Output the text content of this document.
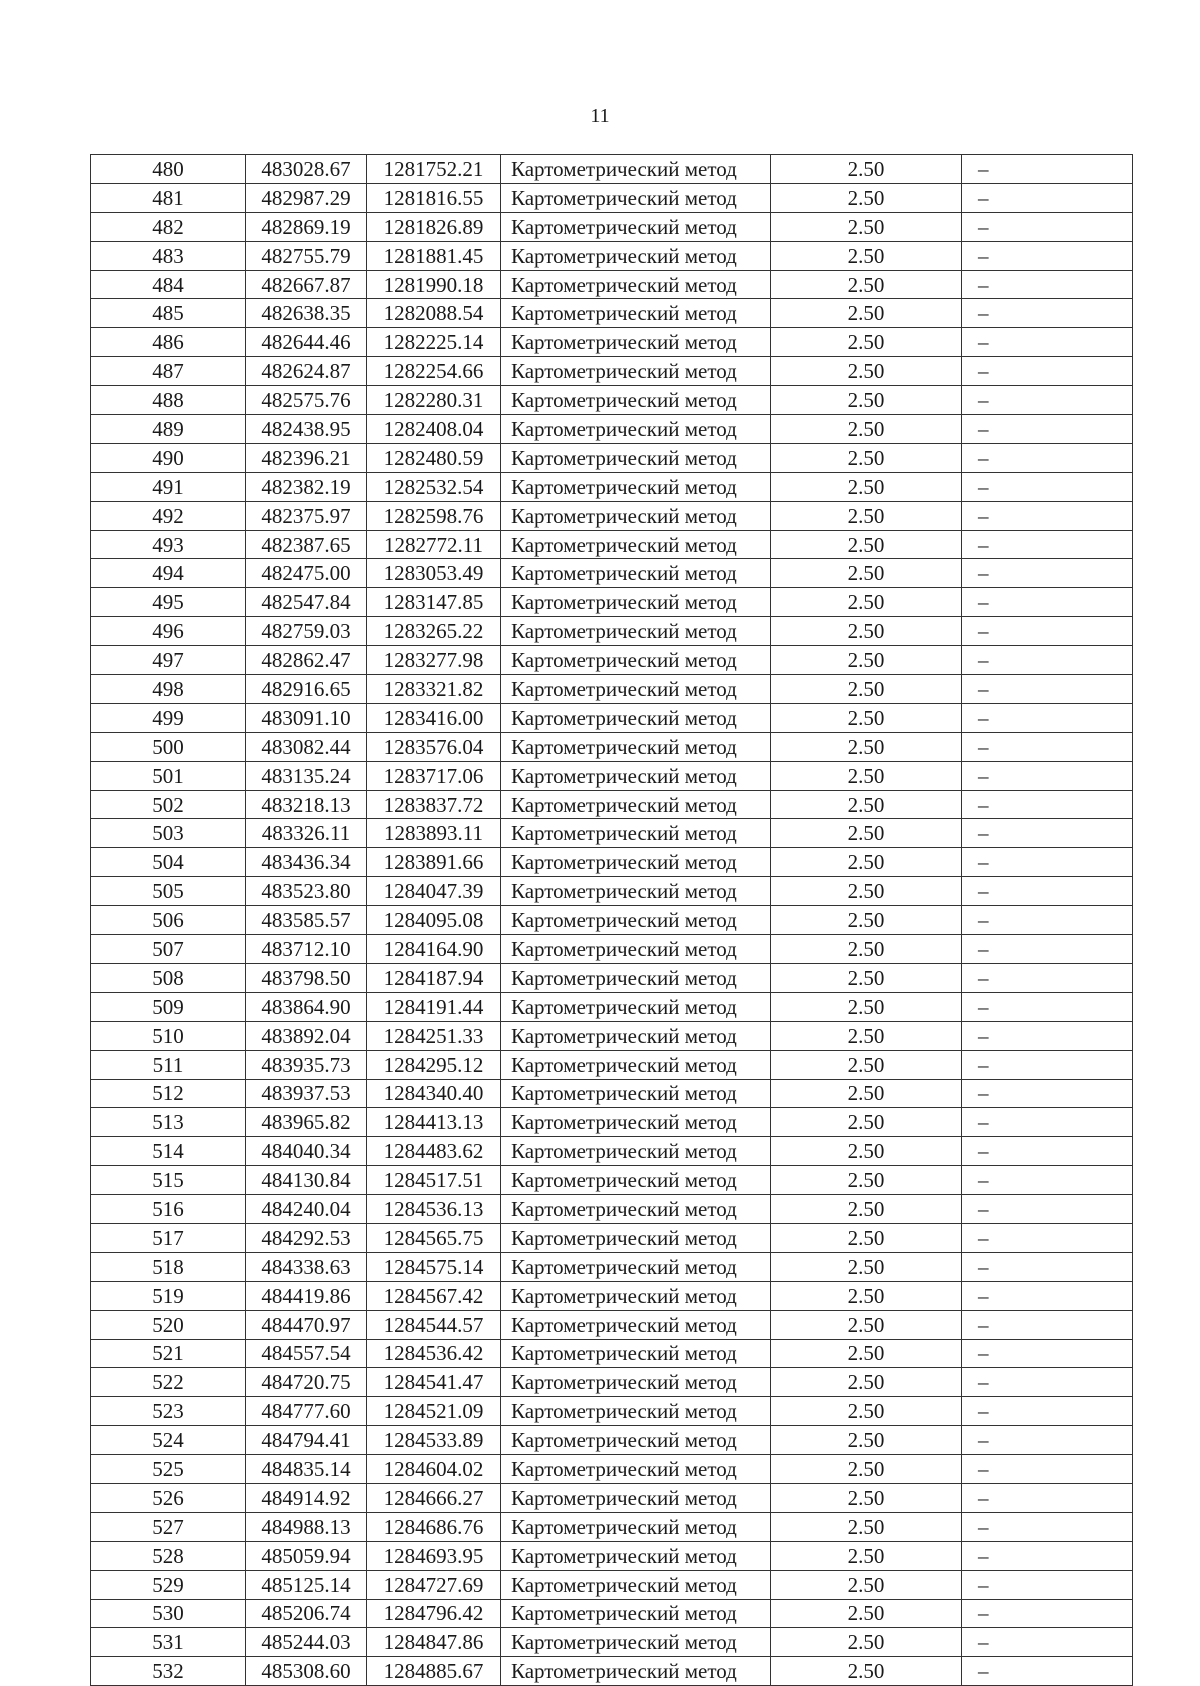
11
480	483028.67	1281752.21	Картометрический метод	2.50	–
481	482987.29	1281816.55	Картометрический метод	2.50	–
482	482869.19	1281826.89	Картометрический метод	2.50	–
483	482755.79	1281881.45	Картометрический метод	2.50	–
484	482667.87	1281990.18	Картометрический метод	2.50	–
485	482638.35	1282088.54	Картометрический метод	2.50	–
486	482644.46	1282225.14	Картометрический метод	2.50	–
487	482624.87	1282254.66	Картометрический метод	2.50	–
488	482575.76	1282280.31	Картометрический метод	2.50	–
489	482438.95	1282408.04	Картометрический метод	2.50	–
490	482396.21	1282480.59	Картометрический метод	2.50	–
491	482382.19	1282532.54	Картометрический метод	2.50	–
492	482375.97	1282598.76	Картометрический метод	2.50	–
493	482387.65	1282772.11	Картометрический метод	2.50	–
494	482475.00	1283053.49	Картометрический метод	2.50	–
495	482547.84	1283147.85	Картометрический метод	2.50	–
496	482759.03	1283265.22	Картометрический метод	2.50	–
497	482862.47	1283277.98	Картометрический метод	2.50	–
498	482916.65	1283321.82	Картометрический метод	2.50	–
499	483091.10	1283416.00	Картометрический метод	2.50	–
500	483082.44	1283576.04	Картометрический метод	2.50	–
501	483135.24	1283717.06	Картометрический метод	2.50	–
502	483218.13	1283837.72	Картометрический метод	2.50	–
503	483326.11	1283893.11	Картометрический метод	2.50	–
504	483436.34	1283891.66	Картометрический метод	2.50	–
505	483523.80	1284047.39	Картометрический метод	2.50	–
506	483585.57	1284095.08	Картометрический метод	2.50	–
507	483712.10	1284164.90	Картометрический метод	2.50	–
508	483798.50	1284187.94	Картометрический метод	2.50	–
509	483864.90	1284191.44	Картометрический метод	2.50	–
510	483892.04	1284251.33	Картометрический метод	2.50	–
511	483935.73	1284295.12	Картометрический метод	2.50	–
512	483937.53	1284340.40	Картометрический метод	2.50	–
513	483965.82	1284413.13	Картометрический метод	2.50	–
514	484040.34	1284483.62	Картометрический метод	2.50	–
515	484130.84	1284517.51	Картометрический метод	2.50	–
516	484240.04	1284536.13	Картометрический метод	2.50	–
517	484292.53	1284565.75	Картометрический метод	2.50	–
518	484338.63	1284575.14	Картометрический метод	2.50	–
519	484419.86	1284567.42	Картометрический метод	2.50	–
520	484470.97	1284544.57	Картометрический метод	2.50	–
521	484557.54	1284536.42	Картометрический метод	2.50	–
522	484720.75	1284541.47	Картометрический метод	2.50	–
523	484777.60	1284521.09	Картометрический метод	2.50	–
524	484794.41	1284533.89	Картометрический метод	2.50	–
525	484835.14	1284604.02	Картометрический метод	2.50	–
526	484914.92	1284666.27	Картометрический метод	2.50	–
527	484988.13	1284686.76	Картометрический метод	2.50	–
528	485059.94	1284693.95	Картометрический метод	2.50	–
529	485125.14	1284727.69	Картометрический метод	2.50	–
530	485206.74	1284796.42	Картометрический метод	2.50	–
531	485244.03	1284847.86	Картометрический метод	2.50	–
532	485308.60	1284885.67	Картометрический метод	2.50	–
